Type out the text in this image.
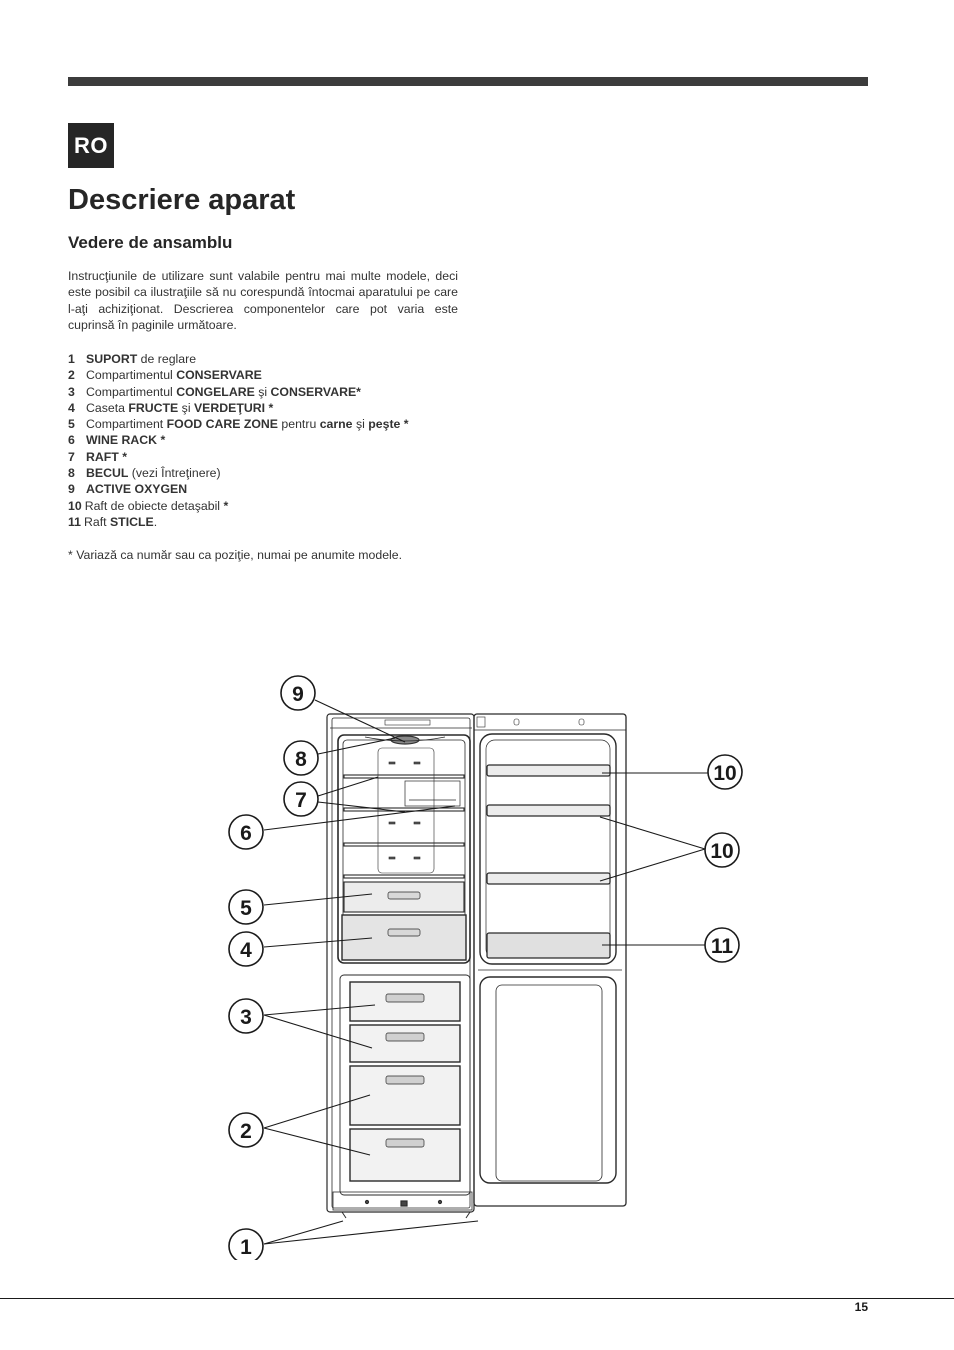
RO
Descriere aparat
Vedere de ansamblu

Instrucţiunile de utilizare sunt valabile pentru mai multe modele, deci este posibil ca ilustraţiile să nu corespundă întocmai aparatului pe care l-aţi achiziţionat. Descrierea componentelor care pot varia este cuprinsă în paginile următoare.

1 SUPORT de reglare
2 Compartimentul CONSERVARE
3 Compartimentul CONGELARE şi CONSERVARE*
4 Caseta FRUCTE şi VERDEŢURI *
5 Compartiment FOOD CARE ZONE pentru carne şi peşte *
6 WINE RACK *
7 RAFT *
8 BECUL (vezi Întreţinere)
9 ACTIVE OXYGEN
10 Raft de obiecte detaşabil *
11 Raft STICLE.

* Variază ca număr sau ca poziţie, numai pe anumite modele.

9
8
7
6
5
4
3
2
1
10
10
11
15
